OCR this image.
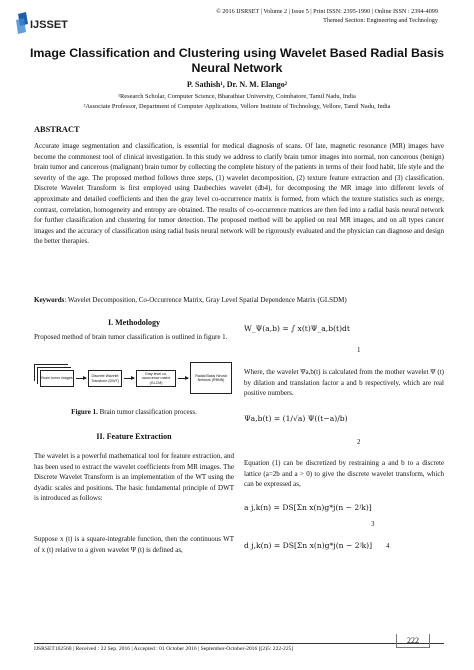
IJSSET
© 2016 IJSRSET | Volume 2 | Issue 5 | Print ISSN: 2395-1990 | Online ISSN : 2394-4099
Themed Section: Engineering and Technology
Image Classification and Clustering using Wavelet Based Radial Basis Neural Network
P. Sathish¹, Dr. N. M. Elango²
¹Research Scholar, Computer Science, Bharathiar University, Coimbatore, Tamil Nadu, India
²Associate Professor, Department of Computer Applications, Vellore Institute of Technology, Vellore, Tamil Nadu, India
ABSTRACT
Accurate image segmentation and classification, is essential for medical diagnosis of scans. Of late, magnetic resonance (MR) images have become the commonest tool of clinical investigation. In this study we address to clarify brain tumor images into normal, non cancerous (benign) brain tumor and cancerous (malignant) brain tumor by collecting the complete history of the patients in terms of their food habit, life style and the severity of the age. The proposed method follows three steps, (1) wavelet decomposition, (2) texture feature extraction and (3) classification. Discrete Wavelet Transform is first employed using Daubechies wavelet (db4), for decomposing the MR image into different levels of approximate and detailed coefficients and then the gray level co-occurrence matrix is formed, from which the texture statistics such as energy, contrast, correlation, homogeneity and entropy are obtained. The results of co-occurrence matrices are then fed into a radial basis neural network for further classification and clustering for tumor detection. The proposed method will be applied on real MR images, and on all types cancer images and the accuracy of classification using radial basis neural network will be rigorously evaluated and the physician can diagnose and design the better therapies.
Keywords: Wavelet Decomposition, Co-Occurrence Matrix, Gray Level Spatial Dependence Matrix (GLSDM)
I. Methodology
Proposed method of brain tumor classification is outlined in figure 1.
Brain tumor images
Discrete Wavelet Transform (DWT)
Gray level co-occurrence matrix (GLCM)
Radial Basis Neural Network (RBNN)
Figure 1. Brain tumor classification process.
II. Feature Extraction
The wavelet is a powerful mathematical tool for feature extraction, and has been used to extract the wavelet coefficients from MR images. The Discrete Wavelet Transform is an implementation of the WT using the dyadic scales and positions. The basic fundamental principle of DWT is introduced as follows:
Suppose x (t) is a square-integrable function, then the continuous WT of x (t) relative to a given wavelet Ψ (t) is defined as,
W_Ψ(a,b) = ∫ x(t)Ψ_a,b(t)dt
1
Where, the wavelet Ψa,b(t) is calculated from the mother wavelet Ψ (t) by dilation and translation factor a and b respectively, which are real positive numbers.
Ψa,b(t) = (1/√a) Ψ((t−a)/b)
2
Equation (1) can be discretized by restraining a and b to a discrete lattice (a=2b and a > 0) to give the discrete wavelet transform, which can be expressed as,
a j,k(n) = DS[Σn x(n)g*j(n − 2ʲk)]
3
d j,k(n) = DS[Σn x(n)g*j(n − 2ʲk)] 4
IJSRSET162560 | Received : 22 Sep. 2016 | Accepted : 01 October 2016 | September-October-2016 [(2)5: 222-225]
222
